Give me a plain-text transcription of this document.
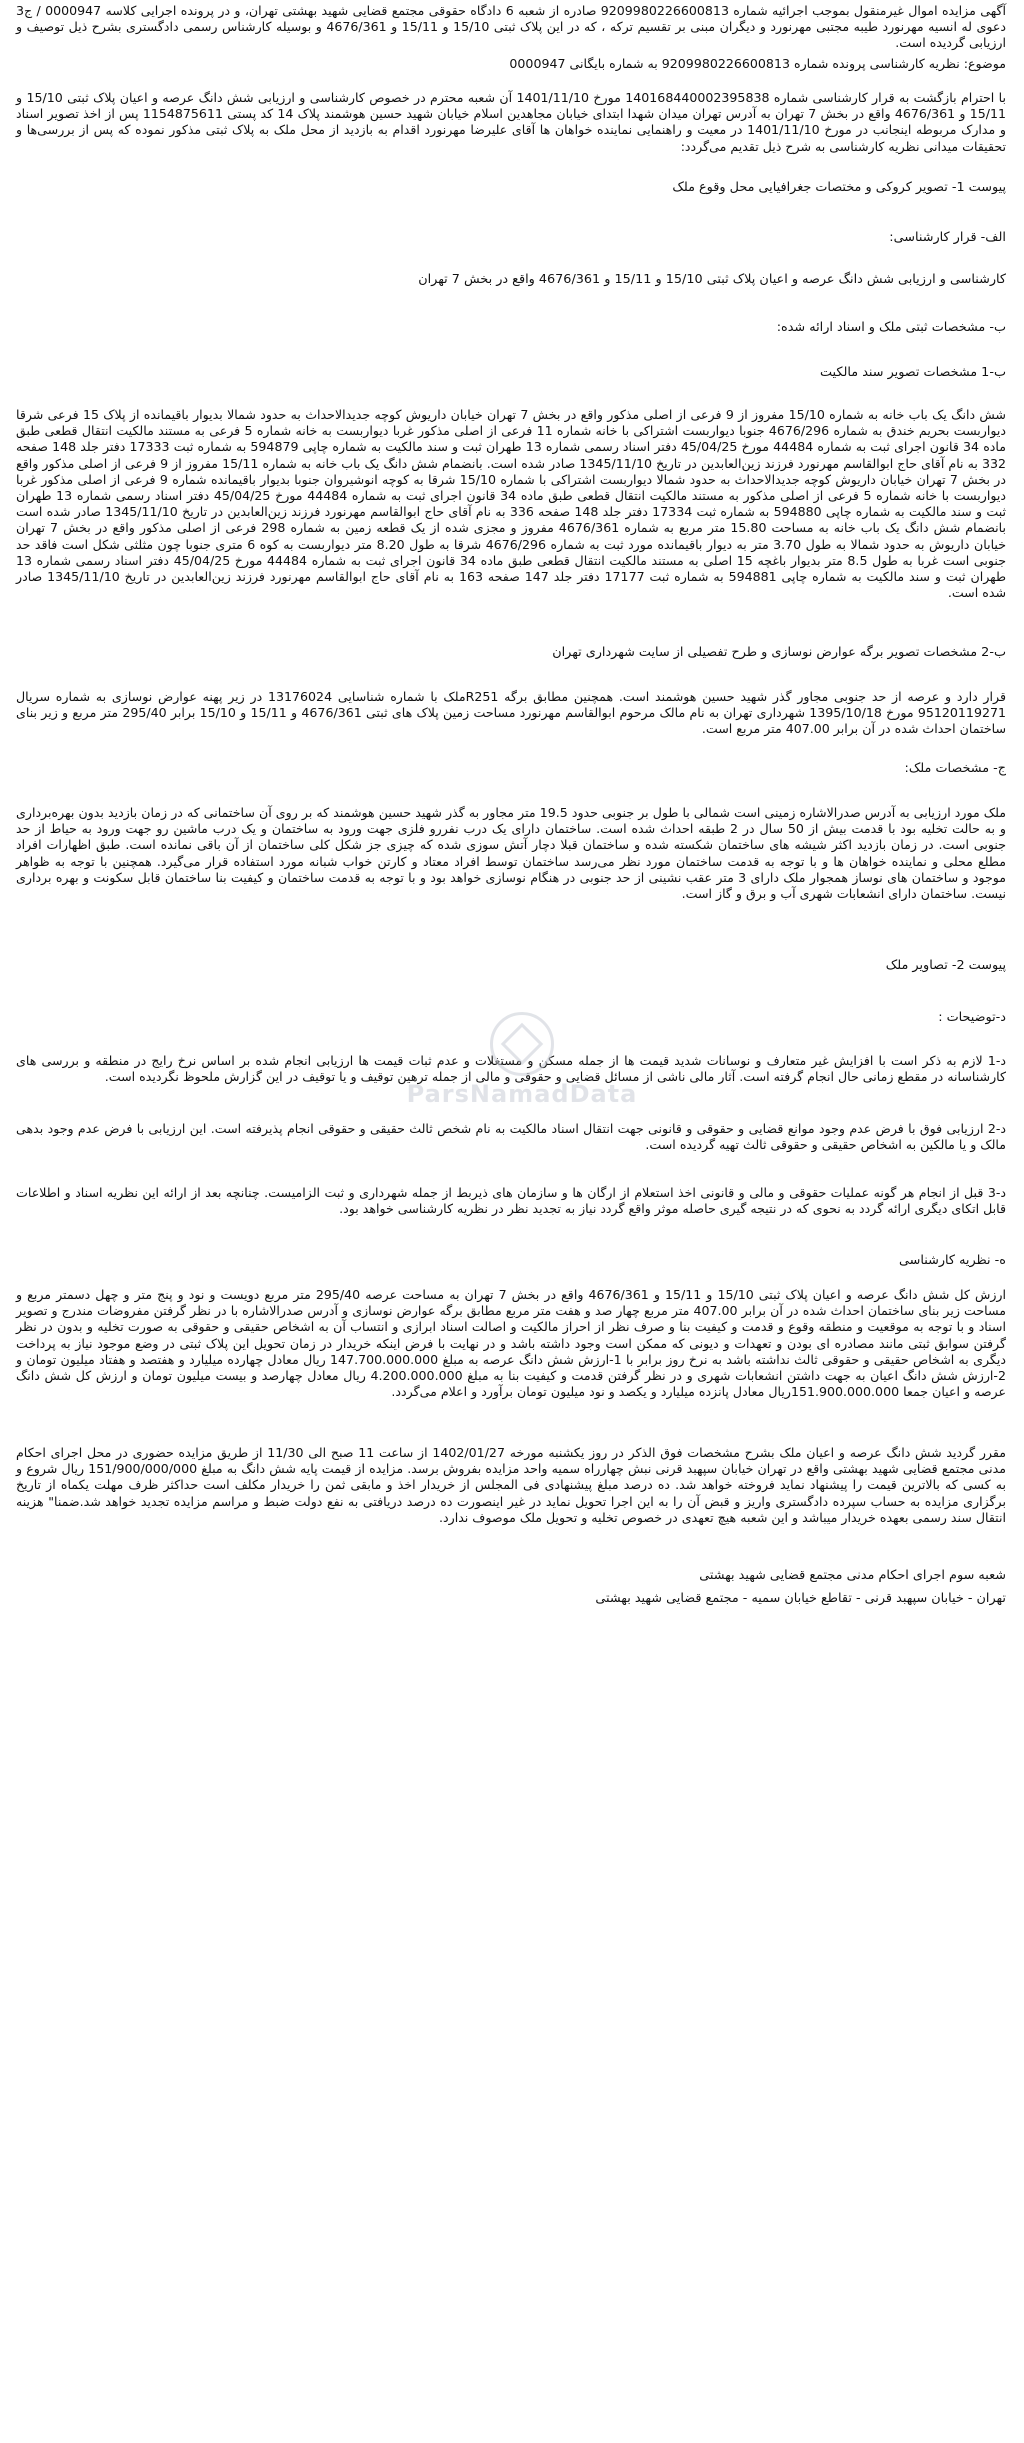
آگهی مزایده اموال غیرمنقول بموجب اجرائیه شماره 9209980226600813 صادره از شعبه 6 دادگاه حقوقی مجتمع قضایی شهید بهشتی تهران، و در پرونده اجرایی کلاسه 0000947 / ج3 دعوی له انسیه مهرنورد طیبه مجتبی مهرنورد و دیگران مبنی بر تقسیم ترکه ، که در این پلاک ثبتی 15/10 و 15/11 و 4676/361 و بوسیله کارشناس رسمی دادگستری بشرح ذیل توصیف و ارزیابی گردیده است.
موضوع: نظریه کارشناسی پرونده شماره 9209980226600813 به شماره بایگانی 0000947
با احترام بازگشت به قرار کارشناسی شماره 140168440002395838 مورخ 1401/11/10 آن شعبه محترم در خصوص کارشناسی و ارزیابی شش دانگ عرصه و اعیان پلاک ثبتی 15/10 و 15/11 و 4676/361 واقع در بخش 7 تهران به آدرس تهران میدان شهدا ابتدای خیابان مجاهدین اسلام خیابان شهید حسین هوشمند پلاک 14 کد پستی 1154875611 پس از اخذ تصویر اسناد و مدارک مربوطه اینجانب در مورخ 1401/11/10 در معیت و راهنمایی نماینده خواهان ها آقای علیرضا مهرنورد اقدام به بازدید از محل ملک به پلاک ثبتی مذکور نموده که پس از بررسی‌ها و تحقیقات میدانی نظریه کارشناسی به شرح ذیل تقدیم می‌گردد:
پیوست 1- تصویر کروکی و مختصات جغرافیایی محل وقوع ملک
الف- قرار کارشناسی:
کارشناسی و ارزیابی شش دانگ عرصه و اعیان پلاک ثبتی 15/10 و 15/11 و 4676/361 واقع در بخش 7 تهران
ب- مشخصات ثبتی ملک و اسناد ارائه شده:
ب-1 مشخصات تصویر سند مالکیت
شش دانگ یک باب خانه به شماره 15/10 مفروز از 9 فرعی از اصلی مذکور واقع در بخش 7 تهران خیابان داریوش کوچه جدیدالاحداث به حدود شمالا بدیوار باقیمانده از پلاک 15 فرعی شرقا دیواربست بحریم خندق به شماره 4676/296 جنوبا دیواربست اشتراکی با خانه شماره 11 فرعی از اصلی مذکور غربا دیواربست به خانه شماره 5 فرعی به مستند مالکیت انتقال قطعی طبق ماده 34 قانون اجرای ثبت به شماره 44484 مورخ 45/04/25 دفتر اسناد رسمی شماره 13 طهران ثبت و سند مالکیت به شماره چاپی 594879 به شماره ثبت 17333 دفتر جلد 148 صفحه 332 به نام آقای حاج ابوالقاسم مهرنورد فرزند زین‌العابدین در تاریخ 1345/11/10 صادر شده است. بانضمام شش دانگ یک باب خانه به شماره 15/11 مفروز از 9 فرعی از اصلی مذکور واقع در بخش 7 تهران خیابان داریوش کوچه جدیدالاحداث به حدود شمالا دیواربست اشتراکی با شماره 15/10 شرقا به کوچه انوشیروان جنوبا بدیوار باقیمانده شماره 9 فرعی از اصلی مذکور غربا دیواربست با خانه شماره 5 فرعی از اصلی مذکور به مستند مالکیت انتقال قطعی طبق ماده 34 قانون اجرای ثبت به شماره 44484 مورخ 45/04/25 دفتر اسناد رسمی شماره 13 طهران ثبت و سند مالکیت به شماره چاپی 594880 به شماره ثبت 17334 دفتر جلد 148 صفحه 336 به نام آقای حاج ابوالقاسم مهرنورد فرزند زین‌العابدین در تاریخ 1345/11/10 صادر شده است بانضمام شش دانگ یک باب خانه به مساحت 15.80 متر مربع به شماره 4676/361 مفروز و مجزی شده از یک قطعه زمین به شماره 298 فرعی از اصلی مذکور واقع در بخش 7 تهران خیابان داریوش به حدود شمالا به طول 3.70 متر به دیوار باقیمانده مورد ثبت به شماره 4676/296 شرقا به طول 8.20 متر دیواربست به کوه 6 متری جنوبا چون مثلثی شکل است فاقد حد جنوبی است غربا به طول 8.5 متر بدیوار باغچه 15 اصلی به مستند مالکیت انتقال قطعی طبق ماده 34 قانون اجرای ثبت به شماره 44484 مورخ 45/04/25 دفتر اسناد رسمی شماره 13 طهران ثبت و سند مالکیت به شماره چاپی 594881 به شماره ثبت 17177 دفتر جلد 147 صفحه 163 به نام آقای حاج ابوالقاسم مهرنورد فرزند زین‌العابدین در تاریخ 1345/11/10 صادر شده است.
ب-2 مشخصات تصویر برگه عوارض نوسازی و طرح تفصیلی از سایت شهرداری تهران
قرار دارد و عرصه از حد جنوبی مجاور گذر شهید حسین هوشمند است. همچنین مطابق برگه R251ملک با شماره شناسایی 13176024 در زیر پهنه عوارض نوسازی به شماره سریال 95120119271 مورخ 1395/10/18 شهرداری تهران به نام مالک مرحوم ابوالقاسم مهرنورد مساحت زمین پلاک های ثبتی 4676/361 و 15/11 و 15/10 برابر 295/40 متر مربع و زیر بنای ساختمان احداث شده در آن برابر 407.00 متر مربع است.
ج- مشخصات ملک:
ملک مورد ارزیابی به آدرس صدرالاشاره زمینی است شمالی با طول بر جنوبی حدود 19.5 متر مجاور به گذر شهید حسین هوشمند که بر روی آن ساختمانی که در زمان بازدید بدون بهره‌برداری و به حالت تخلیه بود با قدمت بیش از 50 سال در 2 طبقه احداث شده است. ساختمان دارای یک درب نفررو فلزی جهت ورود به ساختمان و یک درب ماشین رو جهت ورود به حیاط از حد جنوبی است. در زمان بازدید اکثر شیشه های ساختمان شکسته شده و ساختمان قبلا دچار آتش سوزی شده که چیزی جز شکل کلی ساختمان از آن باقی نمانده است. طبق اظهارات افراد مطلع محلی و نماینده خواهان ها و با توجه به قدمت ساختمان مورد نظر می‌رسد ساختمان توسط افراد معتاد و کارتن خواب شبانه مورد استفاده قرار می‌گیرد. همچنین با توجه به ظواهر موجود و ساختمان های نوساز همجوار ملک دارای 3 متر عقب نشینی از حد جنوبی در هنگام نوسازی خواهد بود و با توجه به قدمت ساختمان و کیفیت بنا ساختمان قابل سکونت و بهره برداری نیست. ساختمان دارای انشعابات شهری آب و برق و گاز است.
پیوست 2- تصاویر ملک
د-توضیحات :
د-1 لازم به ذکر است با افزایش غیر متعارف و نوسانات شدید قیمت ها از جمله مسکن و مستغلات و عدم ثبات قیمت ها ارزیابی انجام شده بر اساس نرخ رایج در منطقه و بررسی های کارشناسانه در مقطع زمانی حال انجام گرفته است. آثار مالی ناشی از مسائل قضایی و حقوقی و مالی از جمله ترهین توقیف و یا توقیف در این گزارش ملحوظ نگردیده است.
د-2 ارزیابی فوق با فرض عدم وجود موانع قضایی و حقوقی و قانونی جهت انتقال اسناد مالکیت به نام شخص ثالث حقیقی و حقوقی انجام پذیرفته است. این ارزیابی با فرض عدم وجود بدهی مالک و یا مالکین به اشخاص حقیقی و حقوقی ثالث تهیه گردیده است.
د-3 قبل از انجام هر گونه عملیات حقوقی و مالی و قانونی اخذ استعلام از ارگان ها و سازمان های ذیربط از جمله شهرداری و ثبت الزامیست. چنانچه بعد از ارائه این نظریه اسناد و اطلاعات قابل اتکای دیگری ارائه گردد به نحوی که در نتیجه گیری حاصله موثر واقع گردد نیاز به تجدید نظر در نظریه کارشناسی خواهد بود.
ه- نظریه کارشناسی
ارزش کل شش دانگ عرصه و اعیان پلاک ثبتی 15/10 و 15/11 و 4676/361 واقع در بخش 7 تهران به مساحت عرصه 295/40 متر مربع دویست و نود و پنج متر و چهل دسمتر مربع و مساحت زیر بنای ساختمان احداث شده در آن برابر 407.00 متر مربع چهار صد و هفت متر مربع مطابق برگه عوارض نوسازی و آدرس صدرالاشاره با در نظر گرفتن مفروضات مندرج و تصویر اسناد و با توجه به موقعیت و منطقه وقوع و قدمت و کیفیت بنا و صرف نظر از احراز مالکیت و اصالت اسناد ابرازی و انتساب آن به اشخاص حقیقی و حقوقی به صورت تخلیه و بدون در نظر گرفتن سوابق ثبتی مانند مصادره ای بودن و تعهدات و دیونی که ممکن است وجود داشته باشد و در نهایت با فرض اینکه خریدار در زمان تحویل این پلاک ثبتی در وضع موجود نیاز به پرداخت دیگری به اشخاص حقیقی و حقوقی ثالث نداشته باشد به نرخ روز برابر با 1-ارزش شش دانگ عرصه به مبلغ 147.700.000.000 ریال معادل چهارده میلیارد و هفتصد و هفتاد میلیون تومان و 2-ارزش شش دانگ اعیان به جهت داشتن انشعابات شهری و در نظر گرفتن قدمت و کیفیت بنا به مبلغ 4.200.000.000 ریال معادل چهارصد و بیست میلیون تومان و ارزش کل شش دانگ عرصه و اعیان جمعا 151.900.000.000ریال معادل پانزده میلیارد و یکصد و نود میلیون تومان برآورد و اعلام می‌گردد.
مقرر گردید شش دانگ عرصه و اعیان ملک بشرح مشخصات فوق الذکر در روز یکشنبه مورخه 1402/01/27 از ساعت 11 صبح الی 11/30 از طریق مزایده حضوری در محل اجرای احکام مدنی مجتمع قضایی شهید بهشتی واقع در تهران خیابان سپهبد قرنی نبش چهارراه سمیه واحد مزایده بفروش برسد. مزایده از قیمت پایه شش دانگ به مبلغ 151/900/000/000 ریال شروع و به کسی که بالاترین قیمت را پیشنهاد نماید فروخته خواهد شد. ده درصد مبلغ پیشنهادی فی المجلس از خریدار اخذ و مابقی ثمن را خریدار مکلف است حداکثر ظرف مهلت یکماه از تاریخ برگزاری مزایده به حساب سپرده دادگستری واریز و قبض آن را به این اجرا تحویل نماید در غیر اینصورت ده درصد دریافتی به نفع دولت ضبط و مراسم مزایده تجدید خواهد شد.ضمنا" هزینه انتقال سند رسمی بعهده خریدار میباشد و این شعبه هیچ تعهدی در خصوص تخلیه و تحویل ملک موصوف ندارد.
شعبه سوم اجرای احکام مدنی مجتمع قضایی شهید بهشتی
تهران - خیابان سپهبد قرنی - تقاطع خیابان سمیه - مجتمع قضایی شهید بهشتی
ParsNamadData
